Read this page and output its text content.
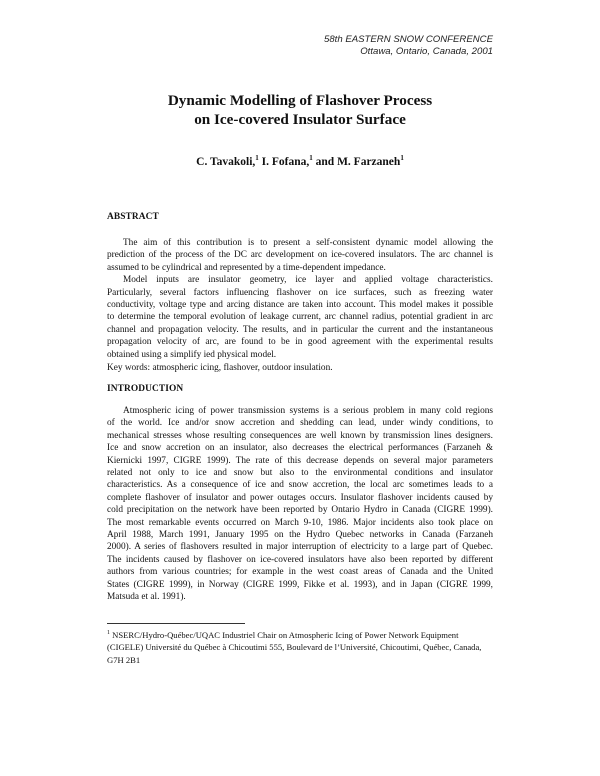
58th EASTERN SNOW CONFERENCE
Ottawa, Ontario, Canada, 2001
Dynamic Modelling of Flashover Process
on Ice-covered Insulator Surface
C. Tavakoli,$^1$ I. Fofana,$^1$ and M. Farzaneh$^1$
ABSTRACT
The aim of this contribution is to present a self-consistent dynamic model allowing the
prediction of the process of the DC arc development on ice-covered insulators. The arc channel is
assumed to be cylindrical and represented by a time-dependent impedance.
Model inputs are insulator geometry, ice layer and applied voltage characteristics.
Particularly, several factors influencing flashover on ice surfaces, such as freezing water
conductivity, voltage type and arcing distance are taken into account. This model makes it possible
to determine the temporal evolution of leakage current, arc channel radius, potential gradient in arc
channel and propagation velocity. The results, and in particular the current and the instantaneous
propagation velocity of arc, are found to be in good agreement with the experimental results
obtained using a simplify ied physical model.
Key words: atmospheric icing, flashover, outdoor insulation.
INTRODUCTION
Atmospheric icing of power transmission systems is a serious problem in many cold regions
of the world. Ice and/or snow accretion and shedding can lead, under windy conditions, to
mechanical stresses whose resulting consequences are well known by transmission lines designers.
Ice and snow accretion on an insulator, also decreases the electrical performances (Farzaneh &
Kiernicki 1997, CIGRE 1999). The rate of this decrease depends on several major parameters
related not only to ice and snow but also to the environmental conditions and insulator
characteristics. As a consequence of ice and snow accretion, the local arc sometimes leads to a
complete flashover of insulator and power outages occurs. Insulator flashover incidents caused by
cold precipitation on the network have been reported by Ontario Hydro in Canada (CIGRE 1999).
The most remarkable events occurred on March 9-10, 1986. Major incidents also took place on
April 1988, March 1991, January 1995 on the Hydro Quebec networks in Canada (Farzaneh
2000). A series of flashovers resulted in major interruption of electricity to a large part of Quebec.
The incidents caused by flashover on ice-covered insulators have also been reported by different
authors from various countries; for example in the west coast areas of Canada and the United
States (CIGRE 1999), in Norway (CIGRE 1999, Fikke et al. 1993), and in Japan (CIGRE 1999,
Matsuda et al. 1991).
$^1$ NSERC/Hydro-Québec/UQAC Industriel Chair on Atmospheric Icing of Power Network Equipment
(CIGELE) Université du Québec à Chicoutimi 555, Boulevard de l’Université, Chicoutimi, Québec, Canada,
G7H 2B1
